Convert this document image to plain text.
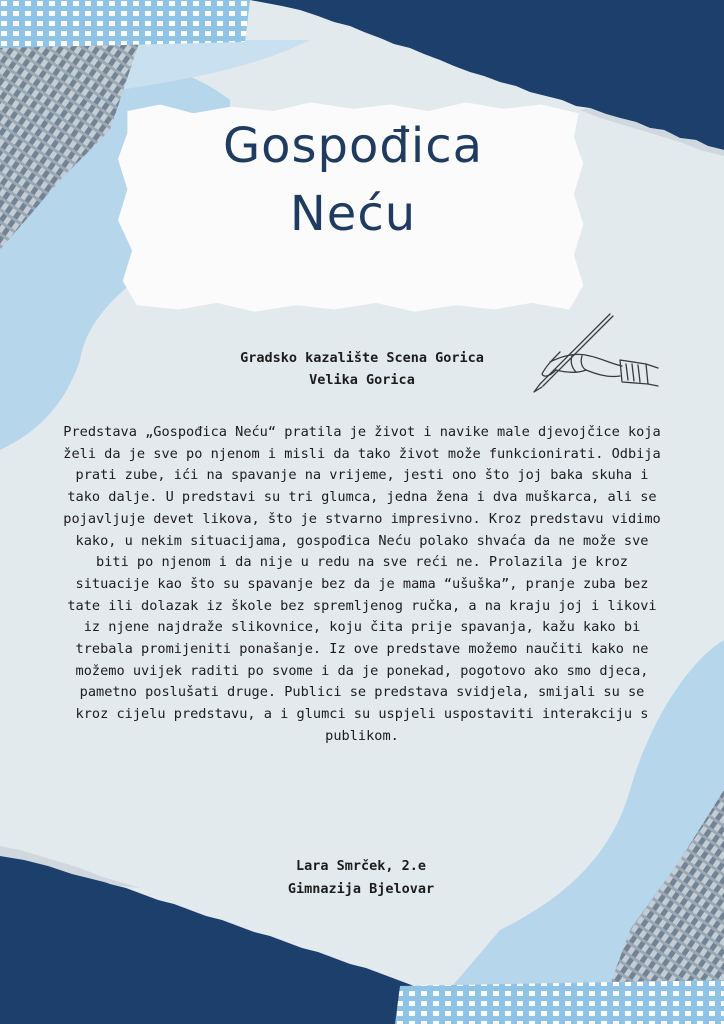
Gospođica
Neću
Gradsko kazalište Scena Gorica
Velika Gorica
Predstava „Gospođica Neću“ pratila je život i navike male djevojčice koja želi da je sve po njenom i misli da tako život može funkcionirati. Odbija prati zube, ići na spavanje na vrijeme, jesti ono što joj baka skuha i tako dalje. U predstavi su tri glumca, jedna žena i dva muškarca, ali se pojavljuje devet likova, što je stvarno impresivno. Kroz predstavu vidimo kako, u nekim situacijama, gospođica Neću polako shvaća da ne može sve biti po njenom i da nije u redu na sve reći ne. Prolazila je kroz situacije kao što su spavanje bez da je mama “ušuška”, pranje zuba bez tate ili dolazak iz škole bez spremljenog ručka, a na kraju joj i likovi iz njene najdraže slikovnice, koju čita prije spavanja, kažu kako bi trebala promijeniti ponašanje. Iz ove predstave možemo naučiti kako ne možemo uvijek raditi po svome i da je ponekad, pogotovo ako smo djeca, pametno poslušati druge. Publici se predstava svidjela, smijali su se kroz cijelu predstavu, a i glumci su uspjeli uspostaviti interakciju s publikom.
Lara Smrček, 2.e
Gimnazija Bjelovar
